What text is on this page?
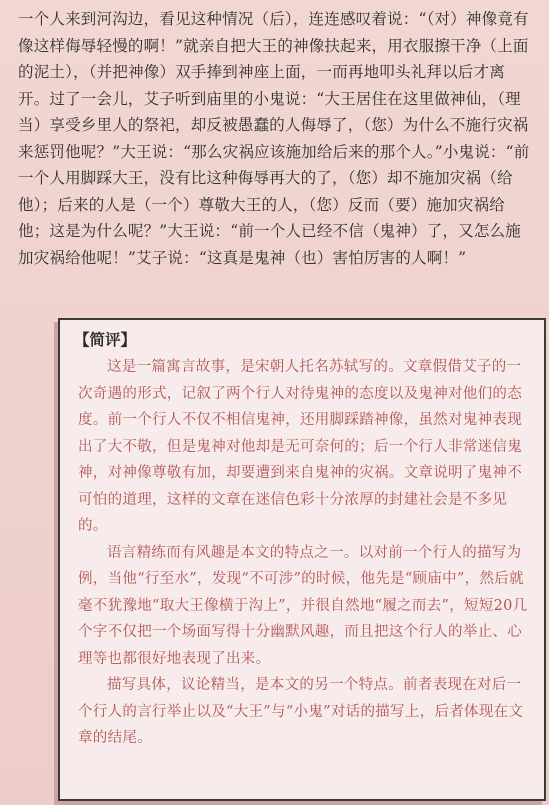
一个人来到河沟边，看见这种情况（后），连连感叹着说：“（对）神像竟有像这样侮辱轻慢的啊！”就亲自把大王的神像扶起来，用衣服擦干净（上面的泥土），（并把神像）双手捧到神座上面，一而再地叩头礼拜以后才离开。过了一会儿，艾子听到庙里的小鬼说：“大王居住在这里做神仙，（理当）享受乡里人的祭祀，却反被愚蠢的人侮辱了，（您）为什么不施行灾祸来惩罚他呢？”大王说：“那么灾祸应该施加给后来的那个人。”小鬼说：“前一个人用脚踩大王，没有比这种侮辱再大的了，（您）却不施加灾祸（给他）；后来的人是（一个）尊敬大王的人，（您）反而（要）施加灾祸给他；这是为什么呢？”大王说：“前一个人已经不信（鬼神）了，又怎么施加灾祸给他呢！”艾子说：“这真是鬼神（也）害怕厉害的人啊！”

【简评】

这是一篇寓言故事，是宋朝人托名苏轼写的。文章假借艾子的一次奇遇的形式，记叙了两个行人对待鬼神的态度以及鬼神对他们的态度。前一个行人不仅不相信鬼神，还用脚踩踏神像，虽然对鬼神表现出了大不敬，但是鬼神对他却是无可奈何的；后一个行人非常迷信鬼神，对神像尊敬有加，却要遭到来自鬼神的灾祸。文章说明了鬼神不可怕的道理，这样的文章在迷信色彩十分浓厚的封建社会是不多见的。

语言精练而有风趣是本文的特点之一。以对前一个行人的描写为例，当他“行至水”，发现“不可涉”的时候，他先是“顾庙中”，然后就毫不犹豫地“取大王像横于沟上”，并很自然地“履之而去”，短短20几个字不仅把一个场面写得十分幽默风趣，而且把这个行人的举止、心理等也都很好地表现了出来。

描写具体，议论精当，是本文的另一个特点。前者表现在对后一个行人的言行举止以及“大王”与“小鬼”对话的描写上，后者体现在文章的结尾。
